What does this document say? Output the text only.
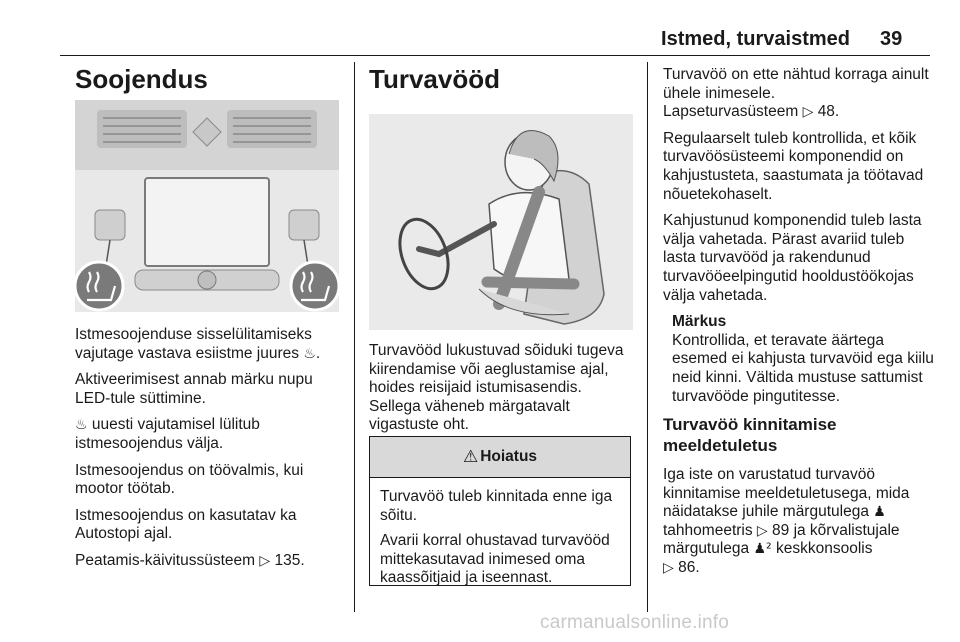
Istmed, turvaistmed 39
Soojendus

Istmesoojenduse sisselülitamiseks vajutage vastava esiistme juures ♨.

Aktiveerimisest annab märku nupu LED-tule süttimine.

♨ uuesti vajutamisel lülitub istmesoojendus välja.

Istmesoojendus on töövalmis, kui mootor töötab.

Istmesoojendus on kasutatav ka Autostopi ajal.

Peatamis-käivitussüsteem ▷ 135.

Turvavööd

Turvavööd lukustuvad sõiduki tugeva kiirendamise või aeglustamise ajal, hoides reisijaid istumisasendis. Sellega väheneb märgatavalt vigastuste oht.

⚠ Hoiatus

Turvavöö tuleb kinnitada enne iga sõitu.

Avarii korral ohustavad turvavööd mittekasutavad inimesed oma kaassõitjaid ja iseennast.

Turvavöö on ette nähtud korraga ainult ühele inimesele.

Lapseturvasüsteem ▷ 48.

Regulaarselt tuleb kontrollida, et kõik turvavöösüsteemi komponendid on kahjustusteta, saastumata ja töötavad nõuetekohaselt.

Kahjustunud komponendid tuleb lasta välja vahetada. Pärast avariid tuleb lasta turvavööd ja rakendunud turvavööeelpingutid hooldustöökojas välja vahetada.

Märkus

Kontrollida, et teravate äärtega esemed ei kahjusta turvavöid ega kiilu neid kinni. Vältida mustuse sattumist turvavööde pingutitesse.

Turvavöö kinnitamise meeldetuletus

Iga iste on varustatud turvavöö kinnitamise meeldetuletusega, mida näidatakse juhile märgutulega ♟ tahhomeetris ▷ 89 ja kõrvalistujale märgutulega ♟² keskkonsoolis
▷ 86.

carmanualsonline.info
